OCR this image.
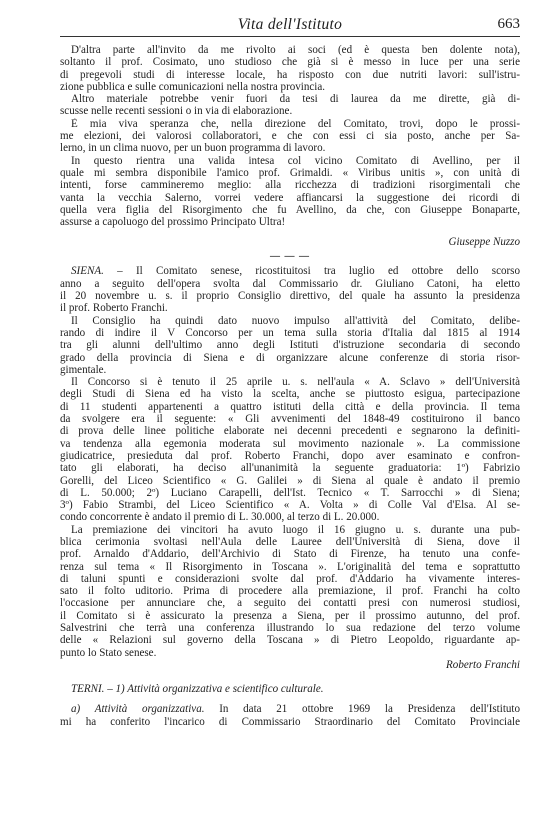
Vita dell'Istituto	663
D'altra parte all'invito da me rivolto ai soci (ed è questa ben dolente nota),
soltanto il prof. Cosimato, uno studioso che già si è messo in luce per una serie
di pregevoli studi di interesse locale, ha risposto con due nutriti lavori: sull'istru-
zione pubblica e sulle comunicazioni nella nostra provincia.
Altro materiale potrebbe venir fuori da tesi di laurea da me dirette, già di-
scusse nelle recenti sessioni o in via di elaborazione.
È mia viva speranza che, nella direzione del Comitato, trovi, dopo le prossi-
me elezioni, dei valorosi collaboratori, e che con essi ci sia posto, anche per Sa-
lerno, in un clima nuovo, per un buon programma di lavoro.
In questo rientra una valida intesa col vicino Comitato di Avellino, per il
quale mi sembra disponibile l'amico prof. Grimaldi. « Viribus unitis », con unità di
intenti, forse cammineremo meglio: alla ricchezza di tradizioni risorgimentali che
vanta la vecchia Salerno, vorrei vedere affiancarsi la suggestione dei ricordi di
quella vera figlia del Risorgimento che fu Avellino, da che, con Giuseppe Bonaparte,
assurse a capoluogo del prossimo Principato Ultra!
Giuseppe Nuzzo
— — —
SIENA. – Il Comitato senese, ricostituitosi tra luglio ed ottobre dello scorso
anno a seguito dell'opera svolta dal Commissario dr. Giuliano Catoni, ha eletto
il 20 novembre u. s. il proprio Consiglio direttivo, del quale ha assunto la presidenza
il prof. Roberto Franchi.
Il Consiglio ha quindi dato nuovo impulso all'attività del Comitato, delibe-
rando di indire il V Concorso per un tema sulla storia d'Italia dal 1815 al 1914
tra gli alunni dell'ultimo anno degli Istituti d'istruzione secondaria di secondo
grado della provincia di Siena e di organizzare alcune conferenze di storia risor-
gimentale.
Il Concorso si è tenuto il 25 aprile u. s. nell'aula « A. Sclavo » dell'Università
degli Studi di Siena ed ha visto la scelta, anche se piuttosto esigua, partecipazione
di 11 studenti appartenenti a quattro istituti della città e della provincia. Il tema
da svolgere era il seguente: « Gli avvenimenti del 1848-49 costituirono il banco
di prova delle linee politiche elaborate nei decenni precedenti e segnarono la definiti-
va tendenza alla egemonia moderata sul movimento nazionale ». La commissione
giudicatrice, presieduta dal prof. Roberto Franchi, dopo aver esaminato e confron-
tato gli elaborati, ha deciso all'unanimità la seguente graduatoria: 1º) Fabrizio
Gorelli, del Liceo Scientifico « G. Galilei » di Siena al quale è andato il premio
di L. 50.000; 2º) Luciano Carapelli, dell'Ist. Tecnico « T. Sarrocchi » di Siena;
3º) Fabio Strambi, del Liceo Scientifico « A. Volta » di Colle Val d'Elsa. Al se-
condo concorrente è andato il premio di L. 30.000, al terzo di L. 20.000.
La premiazione dei vincitori ha avuto luogo il 16 giugno u. s. durante una pub-
blica cerimonia svoltasi nell'Aula delle Lauree dell'Università di Siena, dove il
prof. Arnaldo d'Addario, dell'Archivio di Stato di Firenze, ha tenuto una confe-
renza sul tema « Il Risorgimento in Toscana ». L'originalità del tema e soprattutto
di taluni spunti e considerazioni svolte dal prof. d'Addario ha vivamente interes-
sato il folto uditorio. Prima di procedere alla premiazione, il prof. Franchi ha colto
l'occasione per annunciare che, a seguito dei contatti presi con numerosi studiosi,
il Comitato si è assicurato la presenza a Siena, per il prossimo autunno, del prof.
Salvestrini che terrà una conferenza illustrando lo sua redazione del terzo volume
delle « Relazioni sul governo della Toscana » di Pietro Leopoldo, riguardante ap-
punto lo Stato senese.
Roberto Franchi
TERNI. – 1) Attività organizzativa e scientifico culturale.
a) Attività organizzativa. In data 21 ottobre 1969 la Presidenza dell'Istituto
mi ha conferito l'incarico di Commissario Straordinario del Comitato Provinciale
